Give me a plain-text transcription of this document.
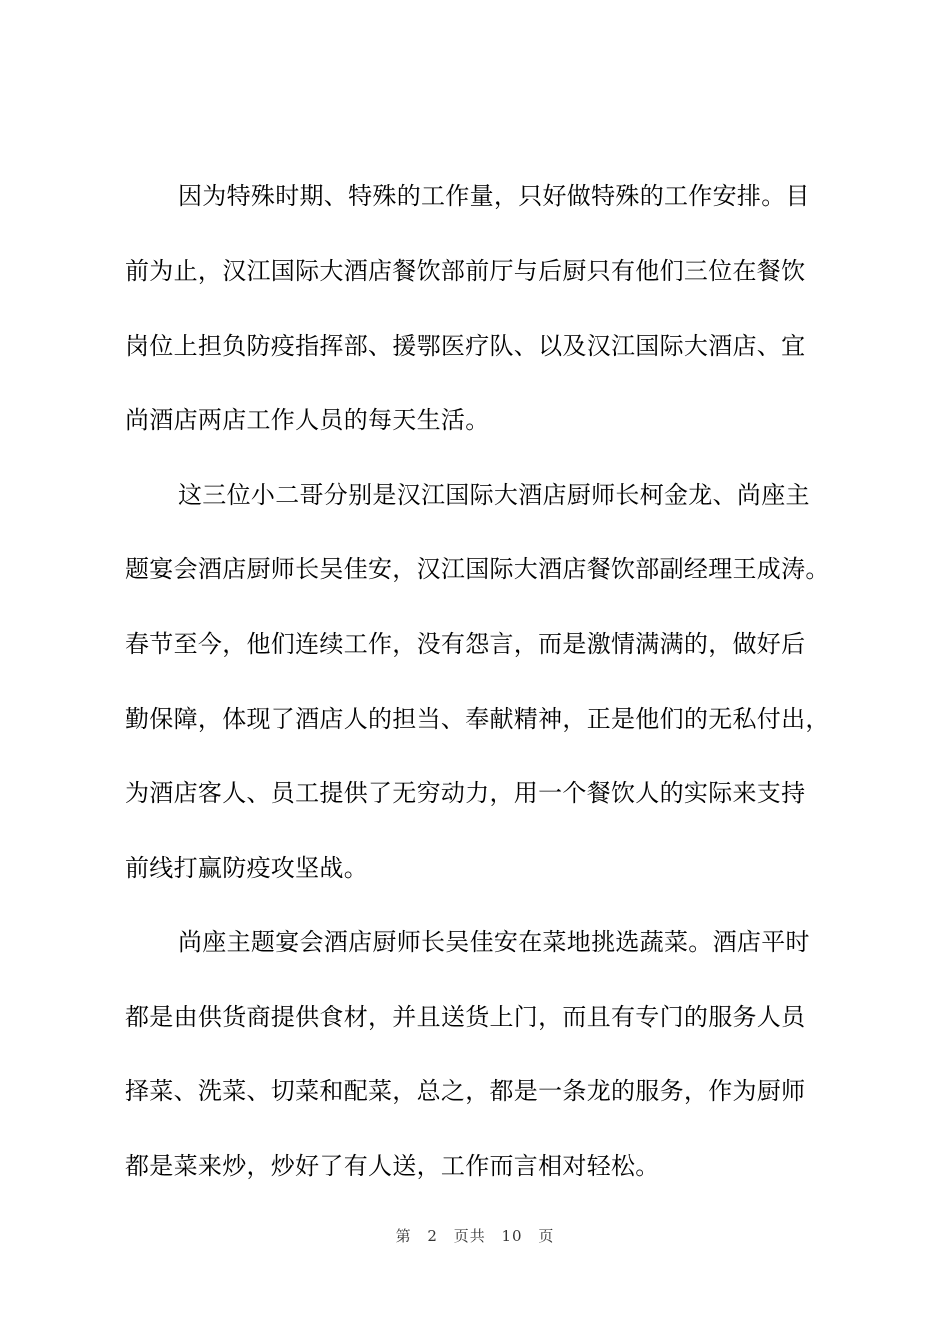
因为特殊时期、特殊的工作量，只好做特殊的工作安排。目
前为止，汉江国际大酒店餐饮部前厅与后厨只有他们三位在餐饮
岗位上担负防疫指挥部、援鄂医疗队、以及汉江国际大酒店、宜
尚酒店两店工作人员的每天生活。
这三位小二哥分别是汉江国际大酒店厨师长柯金龙、尚座主
题宴会酒店厨师长吴佳安，汉江国际大酒店餐饮部副经理王成涛。
春节至今，他们连续工作，没有怨言，而是激情满满的，做好后
勤保障，体现了酒店人的担当、奉献精神，正是他们的无私付出，
为酒店客人、员工提供了无穷动力，用一个餐饮人的实际来支持
前线打赢防疫攻坚战。
尚座主题宴会酒店厨师长吴佳安在菜地挑选蔬菜。酒店平时
都是由供货商提供食材，并且送货上门，而且有专门的服务人员
择菜、洗菜、切菜和配菜，总之，都是一条龙的服务，作为厨师
都是菜来炒，炒好了有人送，工作而言相对轻松。
第 2 页共 10 页
